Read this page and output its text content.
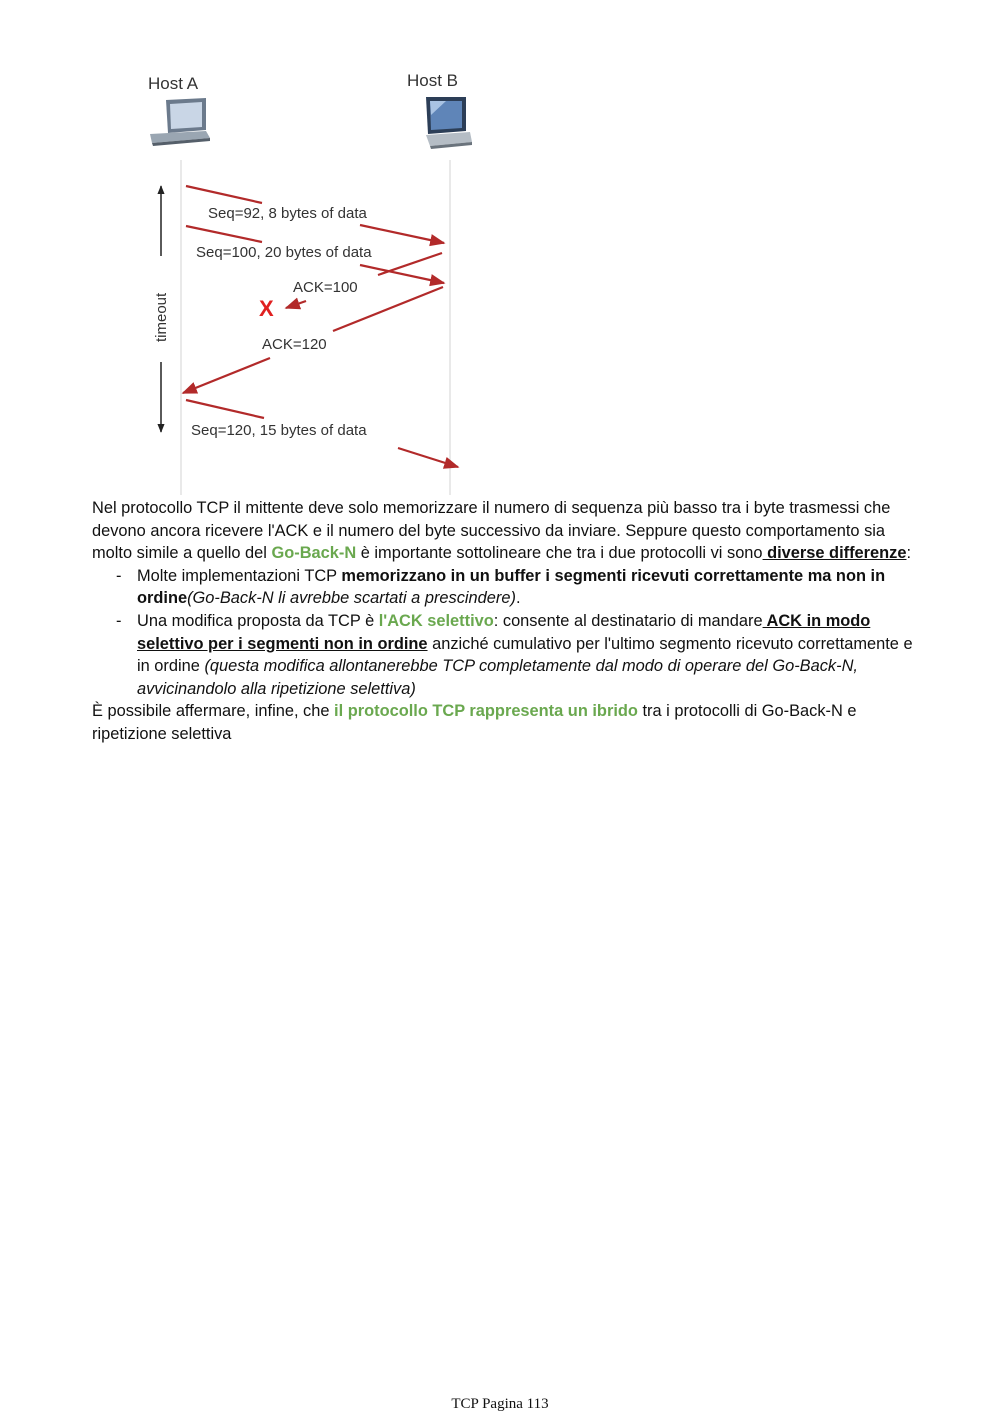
Host A	Host B
timeout
Seq=92, 8 bytes of data
Seq=100, 20 bytes of data
ACK=100
X
ACK=120
Seq=120, 15 bytes of data

Nel protocollo TCP il mittente deve solo memorizzare il numero di sequenza più basso tra i byte trasmessi che devono ancora ricevere l'ACK e il numero del byte successivo da inviare. Seppure questo comportamento sia molto simile a quello del Go-Back-N è importante sottolineare che tra i due protocolli vi sono diverse differenze:

- Molte implementazioni TCP memorizzano in un buffer i segmenti ricevuti correttamente ma non in ordine(Go-Back-N li avrebbe scartati a prescindere).
- Una modifica proposta da TCP è l'ACK selettivo: consente al destinatario di mandare ACK in modo selettivo per i segmenti non in ordine anziché cumulativo per l'ultimo segmento ricevuto correttamente e in ordine (questa modifica allontanerebbe TCP completamente dal modo di operare del Go-Back-N, avvicinandolo alla ripetizione selettiva)

È possibile affermare, infine, che il protocollo TCP rappresenta un ibrido tra i protocolli di Go-Back-N e ripetizione selettiva

TCP Pagina 113
